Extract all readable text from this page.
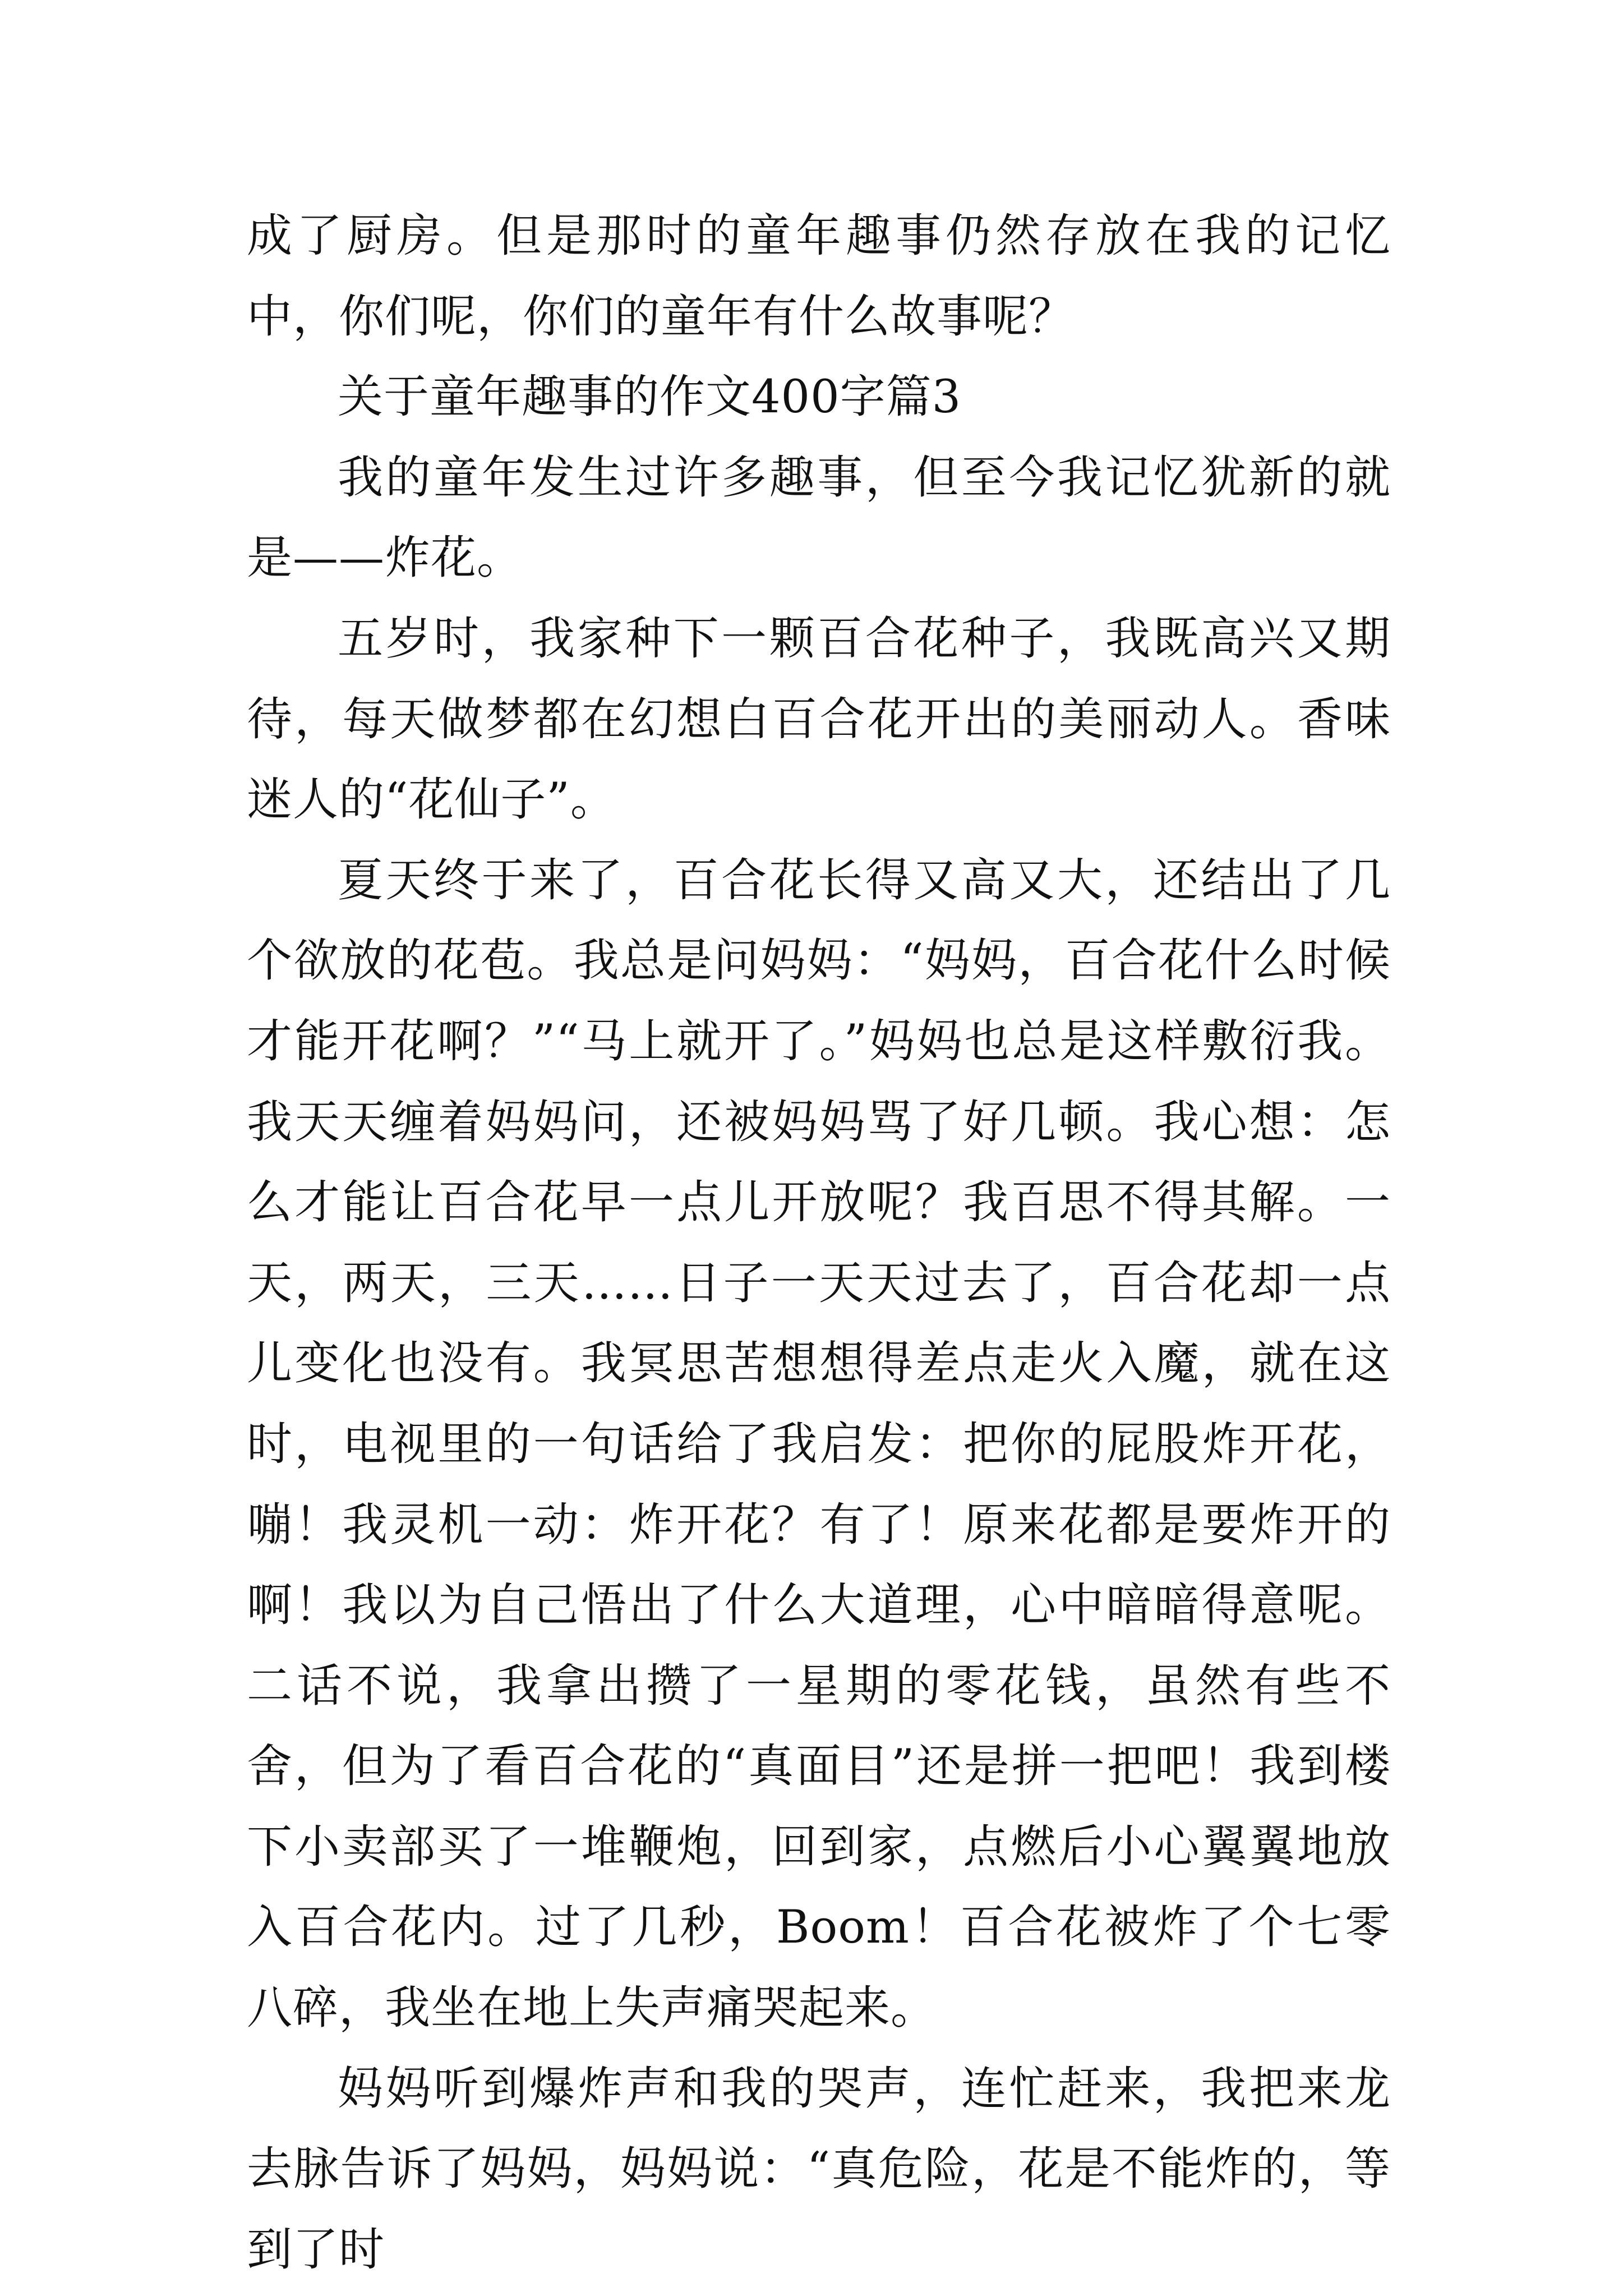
成了厨房。但是那时的童年趣事仍然存放在我的记忆中，你们呢，你们的童年有什么故事呢？

关于童年趣事的作文400字篇3

我的童年发生过许多趣事，但至今我记忆犹新的就是——炸花。

五岁时，我家种下一颗百合花种子，我既高兴又期待，每天做梦都在幻想白百合花开出的美丽动人。香味迷人的“花仙子”。

夏天终于来了，百合花长得又高又大，还结出了几个欲放的花苞。我总是问妈妈：“妈妈，百合花什么时候才能开花啊？”“马上就开了。”妈妈也总是这样敷衍我。我天天缠着妈妈问，还被妈妈骂了好几顿。我心想：怎么才能让百合花早一点儿开放呢？我百思不得其解。一天，两天，三天……日子一天天过去了，百合花却一点儿变化也没有。我冥思苦想想得差点走火入魔，就在这时，电视里的一句话给了我启发：把你的屁股炸开花，嘣！我灵机一动：炸开花？有了！原来花都是要炸开的啊！我以为自己悟出了什么大道理，心中暗暗得意呢。二话不说，我拿出攒了一星期的零花钱，虽然有些不舍，但为了看百合花的“真面目”还是拼一把吧！我到楼下小卖部买了一堆鞭炮，回到家，点燃后小心翼翼地放入百合花内。过了几秒，Boom！百合花被炸了个七零八碎，我坐在地上失声痛哭起来。

妈妈听到爆炸声和我的哭声，连忙赶来，我把来龙去脉告诉了妈妈，妈妈说：“真危险，花是不能炸的，等到了时
